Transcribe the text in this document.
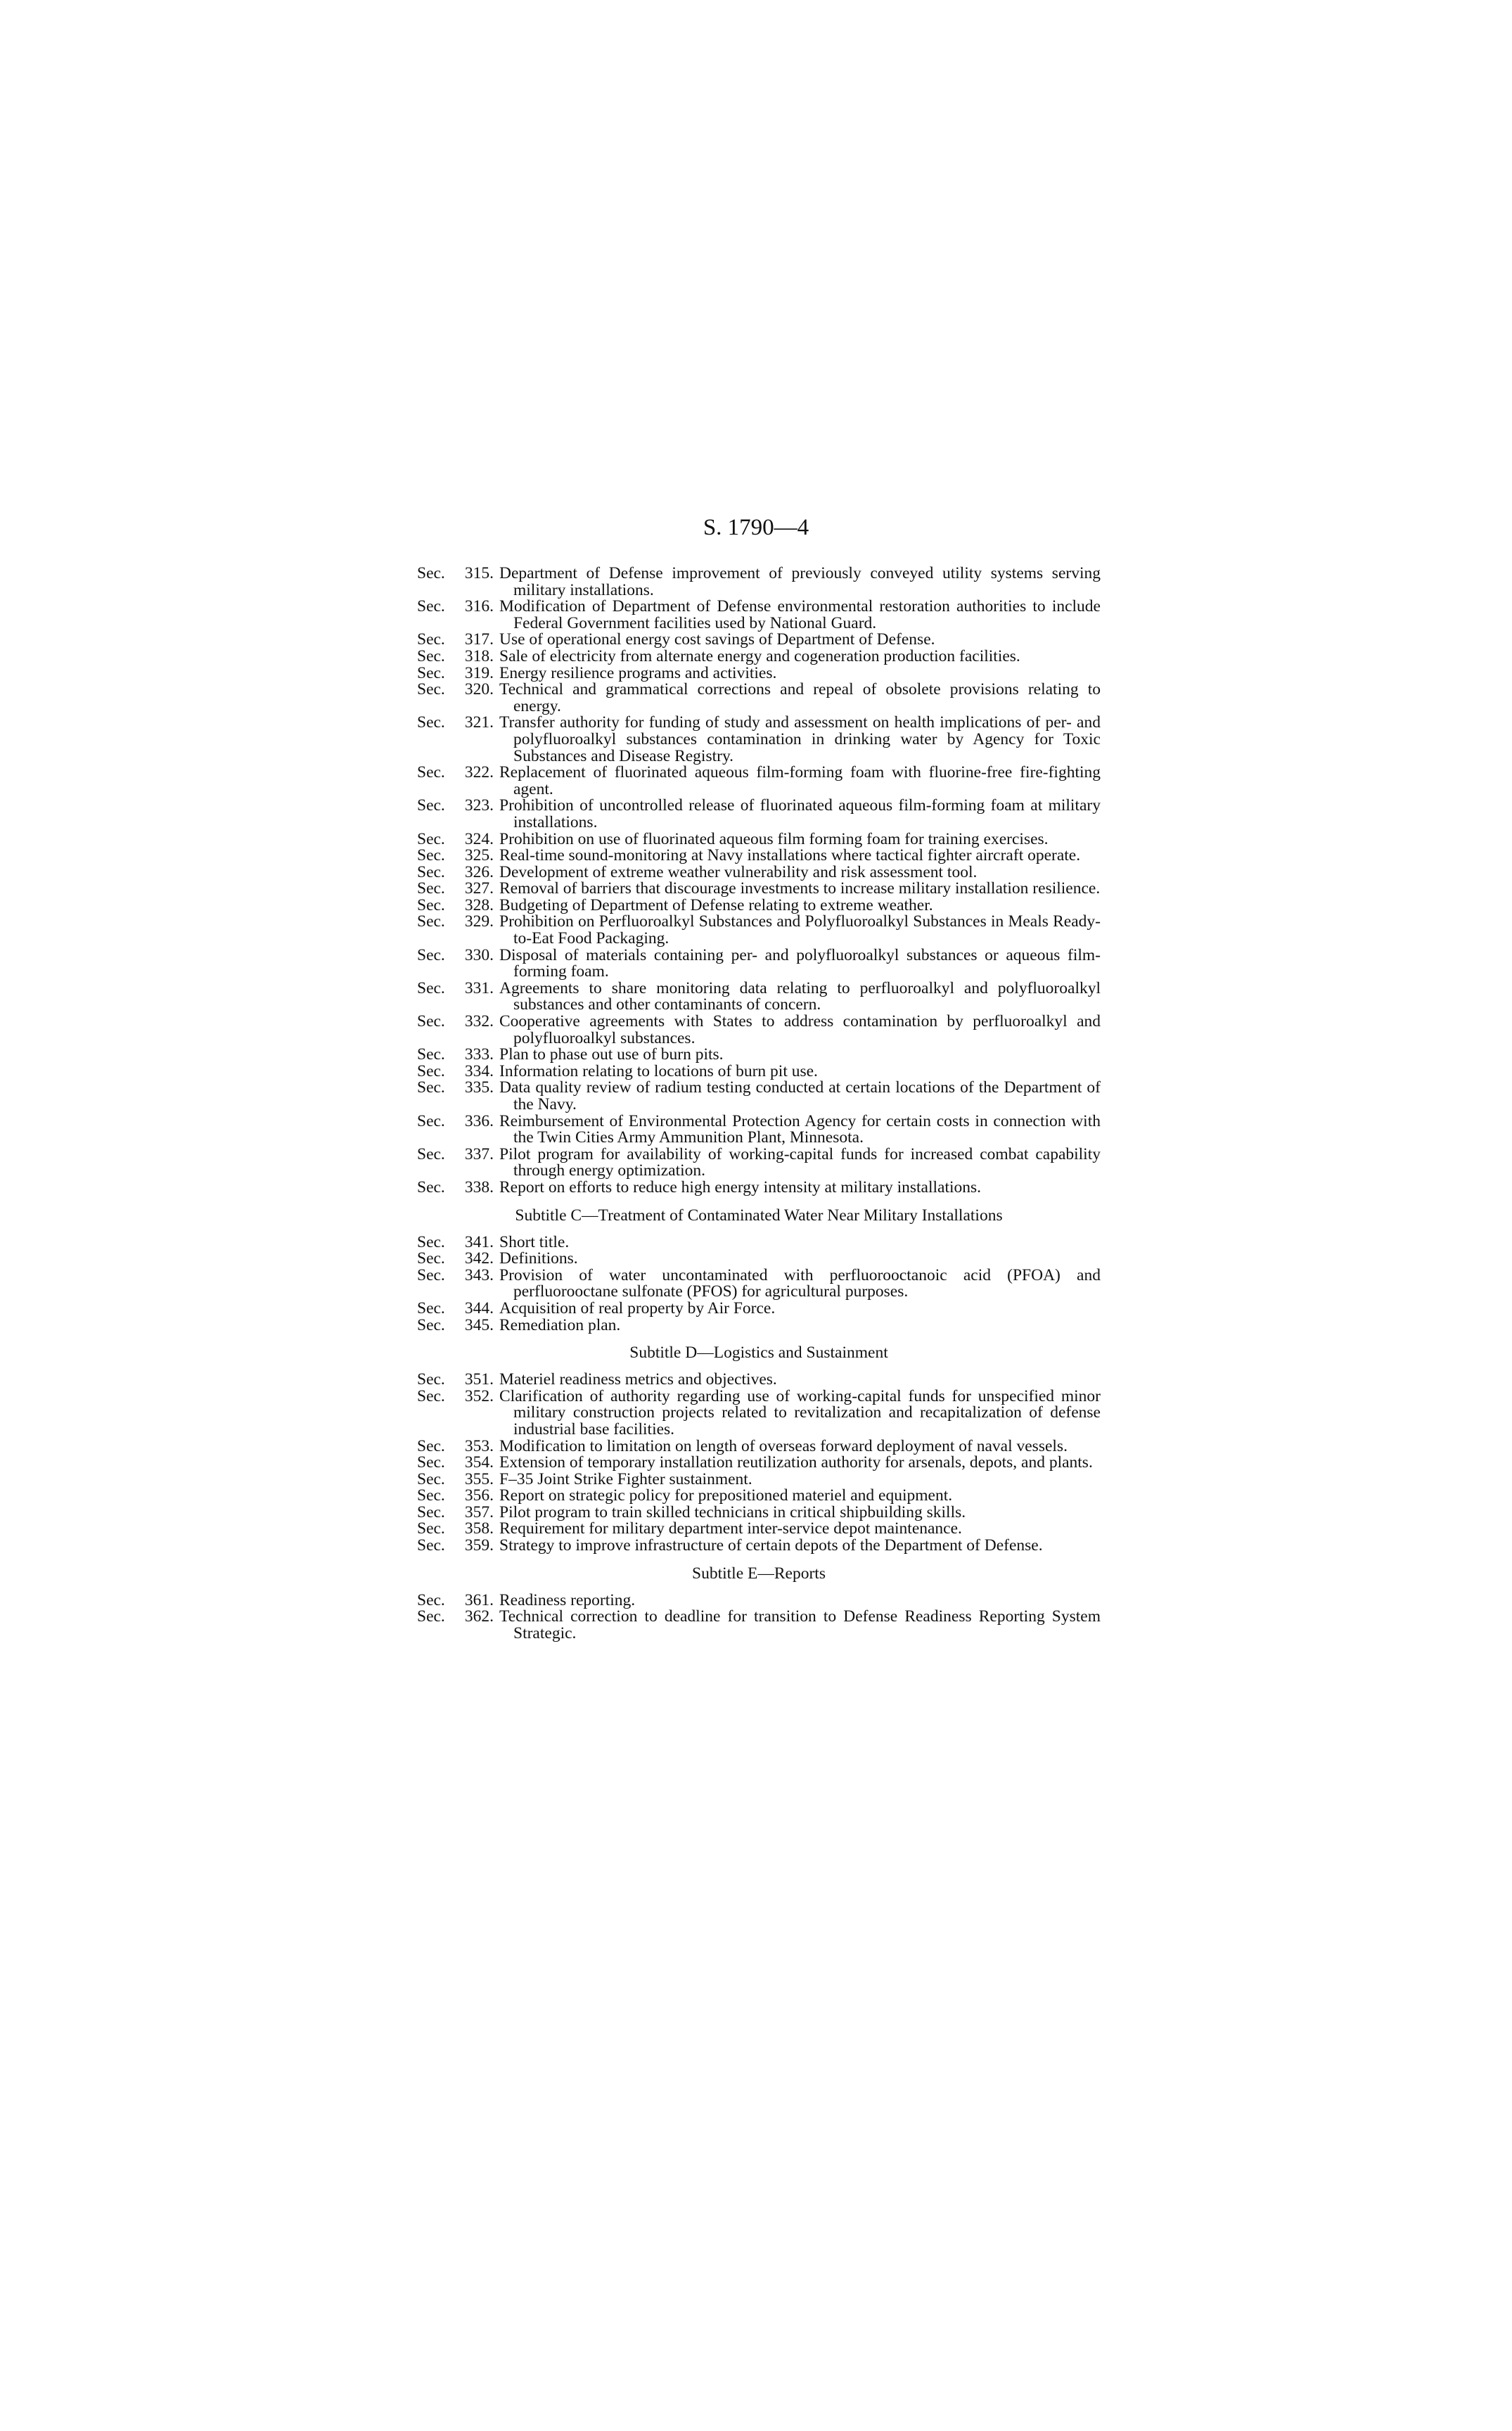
S. 1790—4
Sec.	315. Department of Defense improvement of previously conveyed utility systems serving military installations.
Sec.	316. Modification of Department of Defense environmental restoration authorities to include Federal Government facilities used by National Guard.
Sec.	317. Use of operational energy cost savings of Department of Defense.
Sec.	318. Sale of electricity from alternate energy and cogeneration production facilities.
Sec.	319. Energy resilience programs and activities.
Sec.	320. Technical and grammatical corrections and repeal of obsolete provisions relating to energy.
Sec.	321. Transfer authority for funding of study and assessment on health implications of per- and polyfluoroalkyl substances contamination in drinking water by Agency for Toxic Substances and Disease Registry.
Sec.	322. Replacement of fluorinated aqueous film-forming foam with fluorine-free fire-fighting agent.
Sec.	323. Prohibition of uncontrolled release of fluorinated aqueous film-forming foam at military installations.
Sec.	324. Prohibition on use of fluorinated aqueous film forming foam for training exercises.
Sec.	325. Real-time sound-monitoring at Navy installations where tactical fighter aircraft operate.
Sec.	326. Development of extreme weather vulnerability and risk assessment tool.
Sec.	327. Removal of barriers that discourage investments to increase military installation resilience.
Sec.	328. Budgeting of Department of Defense relating to extreme weather.
Sec.	329. Prohibition on Perfluoroalkyl Substances and Polyfluoroalkyl Substances in Meals Ready-to-Eat Food Packaging.
Sec.	330. Disposal of materials containing per- and polyfluoroalkyl substances or aqueous film-forming foam.
Sec.	331. Agreements to share monitoring data relating to perfluoroalkyl and polyfluoroalkyl substances and other contaminants of concern.
Sec.	332. Cooperative agreements with States to address contamination by perfluoroalkyl and polyfluoroalkyl substances.
Sec.	333. Plan to phase out use of burn pits.
Sec.	334. Information relating to locations of burn pit use.
Sec.	335. Data quality review of radium testing conducted at certain locations of the Department of the Navy.
Sec.	336. Reimbursement of Environmental Protection Agency for certain costs in connection with the Twin Cities Army Ammunition Plant, Minnesota.
Sec.	337. Pilot program for availability of working-capital funds for increased combat capability through energy optimization.
Sec.	338. Report on efforts to reduce high energy intensity at military installations.
Subtitle C—Treatment of Contaminated Water Near Military Installations
Sec.	341. Short title.
Sec.	342. Definitions.
Sec.	343. Provision of water uncontaminated with perfluorooctanoic acid (PFOA) and perfluorooctane sulfonate (PFOS) for agricultural purposes.
Sec.	344. Acquisition of real property by Air Force.
Sec.	345. Remediation plan.
Subtitle D—Logistics and Sustainment
Sec.	351. Materiel readiness metrics and objectives.
Sec.	352. Clarification of authority regarding use of working-capital funds for unspecified minor military construction projects related to revitalization and recapitalization of defense industrial base facilities.
Sec.	353. Modification to limitation on length of overseas forward deployment of naval vessels.
Sec.	354. Extension of temporary installation reutilization authority for arsenals, depots, and plants.
Sec.	355. F–35 Joint Strike Fighter sustainment.
Sec.	356. Report on strategic policy for prepositioned materiel and equipment.
Sec.	357. Pilot program to train skilled technicians in critical shipbuilding skills.
Sec.	358. Requirement for military department inter-service depot maintenance.
Sec.	359. Strategy to improve infrastructure of certain depots of the Department of Defense.
Subtitle E—Reports
Sec.	361. Readiness reporting.
Sec.	362. Technical correction to deadline for transition to Defense Readiness Reporting System Strategic.
